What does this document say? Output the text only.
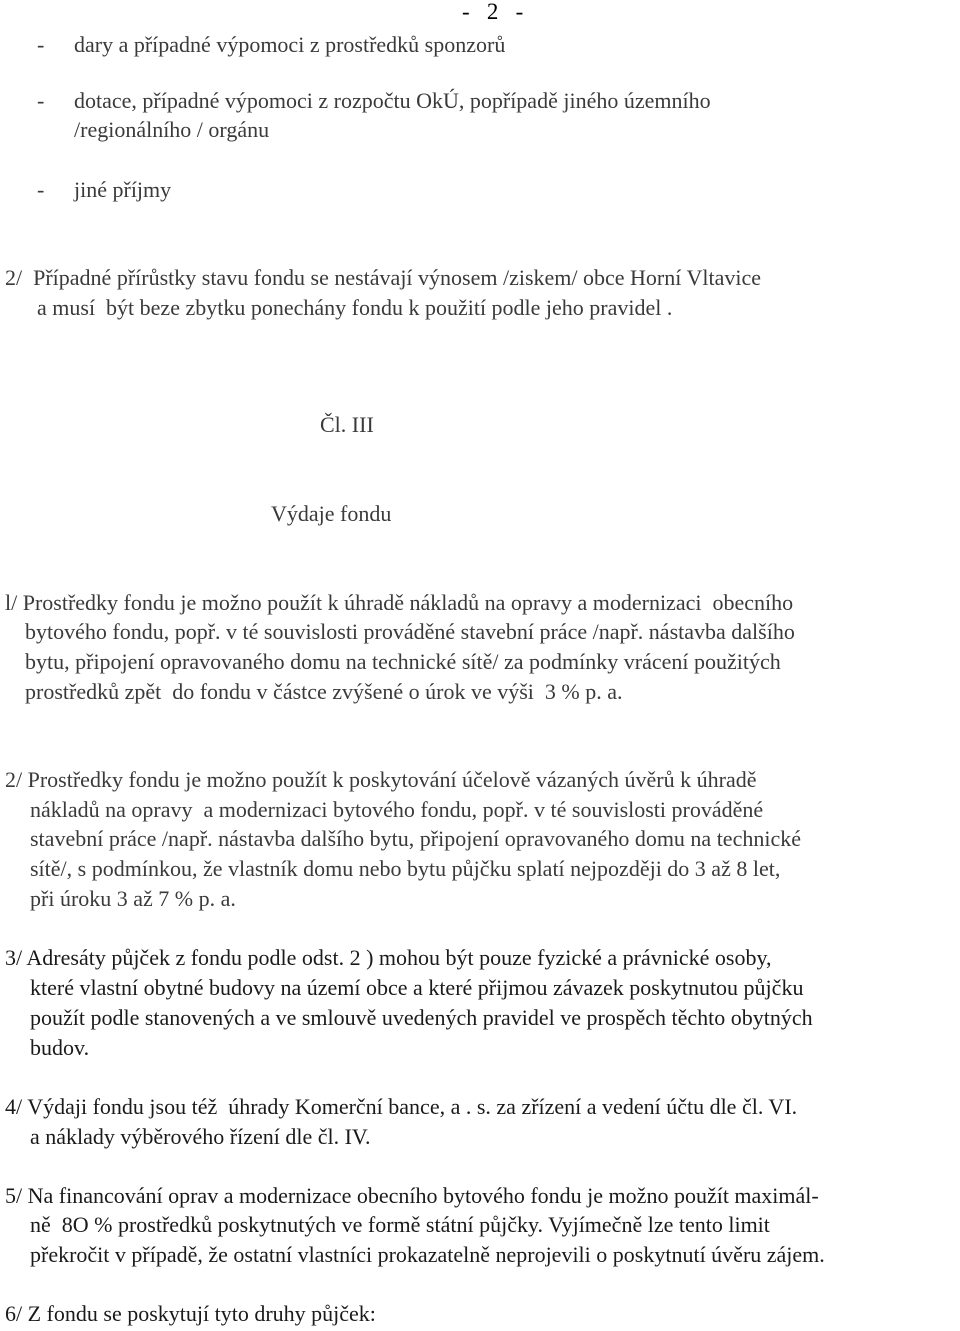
-   2   -
- dary a případné výpomoci z prostředků sponzorů
- dotace, případné výpomoci z rozpočtu OkÚ, popřípadě jiného územního
/regionálního / orgánu
- jiné příjmy
2/  Případné přírůstky stavu fondu se nestávají výnosem /ziskem/ obce Horní Vltavice
a musí  být beze zbytku ponechány fondu k použití podle jeho pravidel .
Čl. III
Výdaje fondu
l/ Prostředky fondu je možno použít k úhradě nákladů na opravy a modernizaci  obecního
bytového fondu, popř. v té souvislosti prováděné stavební práce /např. nástavba dalšího
bytu, připojení opravovaného domu na technické sítě/ za podmínky vrácení použitých
prostředků zpět  do fondu v částce zvýšené o úrok ve výši  3 % p. a.
2/ Prostředky fondu je možno použít k poskytování účelově vázaných úvěrů k úhradě
nákladů na opravy  a modernizaci bytového fondu, popř. v té souvislosti prováděné
stavební práce /např. nástavba dalšího bytu, připojení opravovaného domu na technické
sítě/, s podmínkou, že vlastník domu nebo bytu půjčku splatí nejpozději do 3 až 8 let,
při úroku 3 až 7 % p. a.
3/ Adresáty půjček z fondu podle odst. 2 ) mohou být pouze fyzické a právnické osoby,
které vlastní obytné budovy na území obce a které přijmou závazek poskytnutou půjčku
použít podle stanovených a ve smlouvě uvedených pravidel ve prospěch těchto obytných
budov.
4/ Výdaji fondu jsou též  úhrady Komerční bance, a . s. za zřízení a vedení účtu dle čl. VI.
a náklady výběrového řízení dle čl. IV.
5/ Na financování oprav a modernizace obecního bytového fondu je možno použít maximál-
ně  8O % prostředků poskytnutých ve formě státní půjčky. Vyjímečně lze tento limit
překročit v případě, že ostatní vlastníci prokazatelně neprojevili o poskytnutí úvěru zájem.
6/ Z fondu se poskytují tyto druhy půjček:
